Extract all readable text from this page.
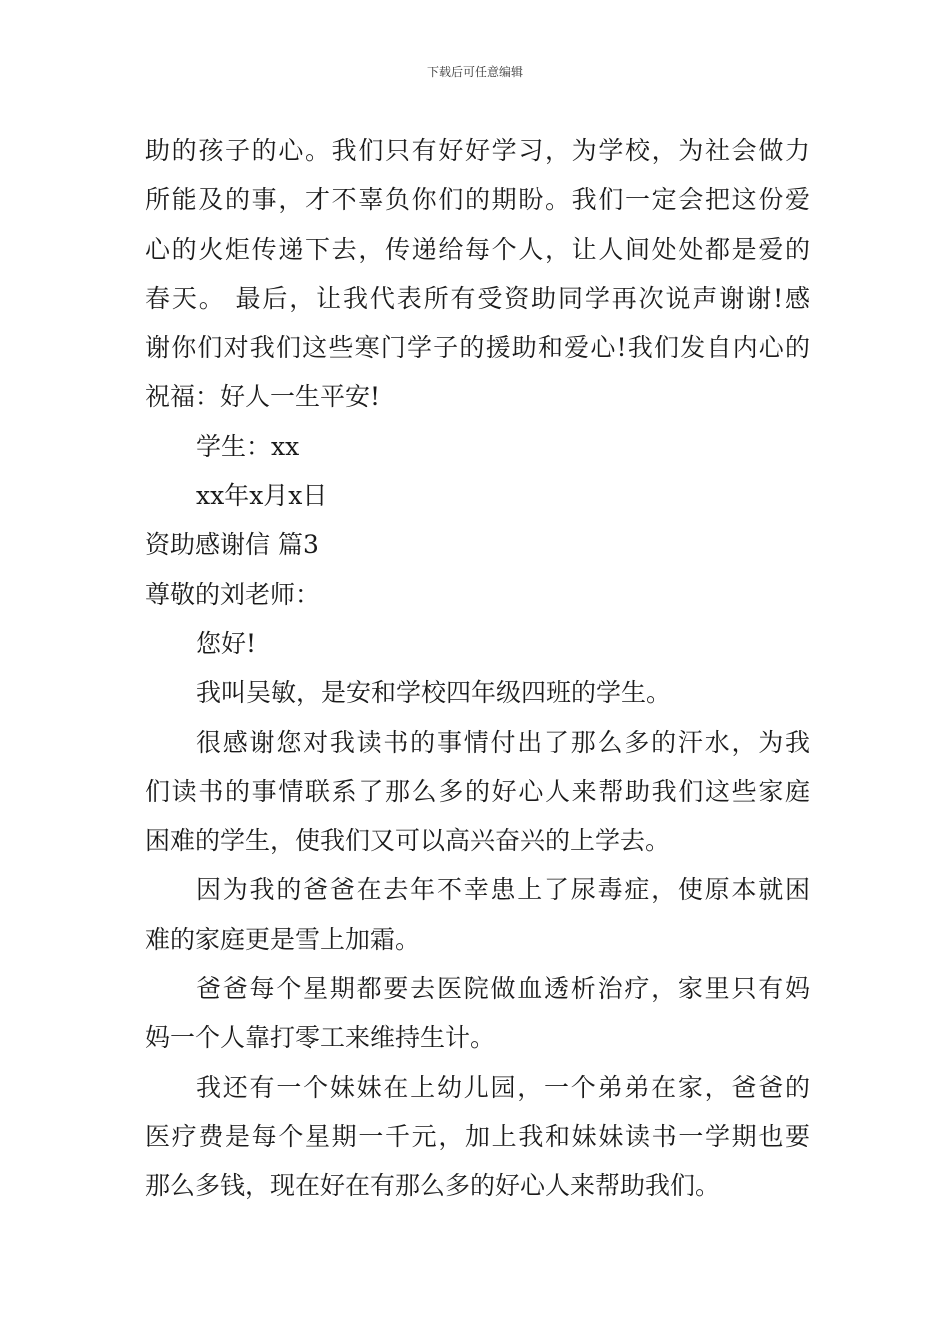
下载后可任意编辑
助的孩子的心。我们只有好好学习，为学校，为社会做力
所能及的事，才不辜负你们的期盼。我们一定会把这份爱
心的火炬传递下去，传递给每个人，让人间处处都是爱的
春天。 最后，让我代表所有受资助同学再次说声谢谢!感
谢你们对我们这些寒门学子的援助和爱心!我们发自内心的
祝福：好人一生平安!
学生：xx
xx年x月x日
资助感谢信 篇3
尊敬的刘老师：
您好!
我叫吴敏，是安和学校四年级四班的学生。
很感谢您对我读书的事情付出了那么多的汗水，为我
们读书的事情联系了那么多的好心人来帮助我们这些家庭
困难的学生，使我们又可以高兴奋兴的上学去。
因为我的爸爸在去年不幸患上了尿毒症，使原本就困
难的家庭更是雪上加霜。
爸爸每个星期都要去医院做血透析治疗，家里只有妈
妈一个人靠打零工来维持生计。
我还有一个妹妹在上幼儿园，一个弟弟在家，爸爸的
医疗费是每个星期一千元，加上我和妹妹读书一学期也要
那么多钱，现在好在有那么多的好心人来帮助我们。
